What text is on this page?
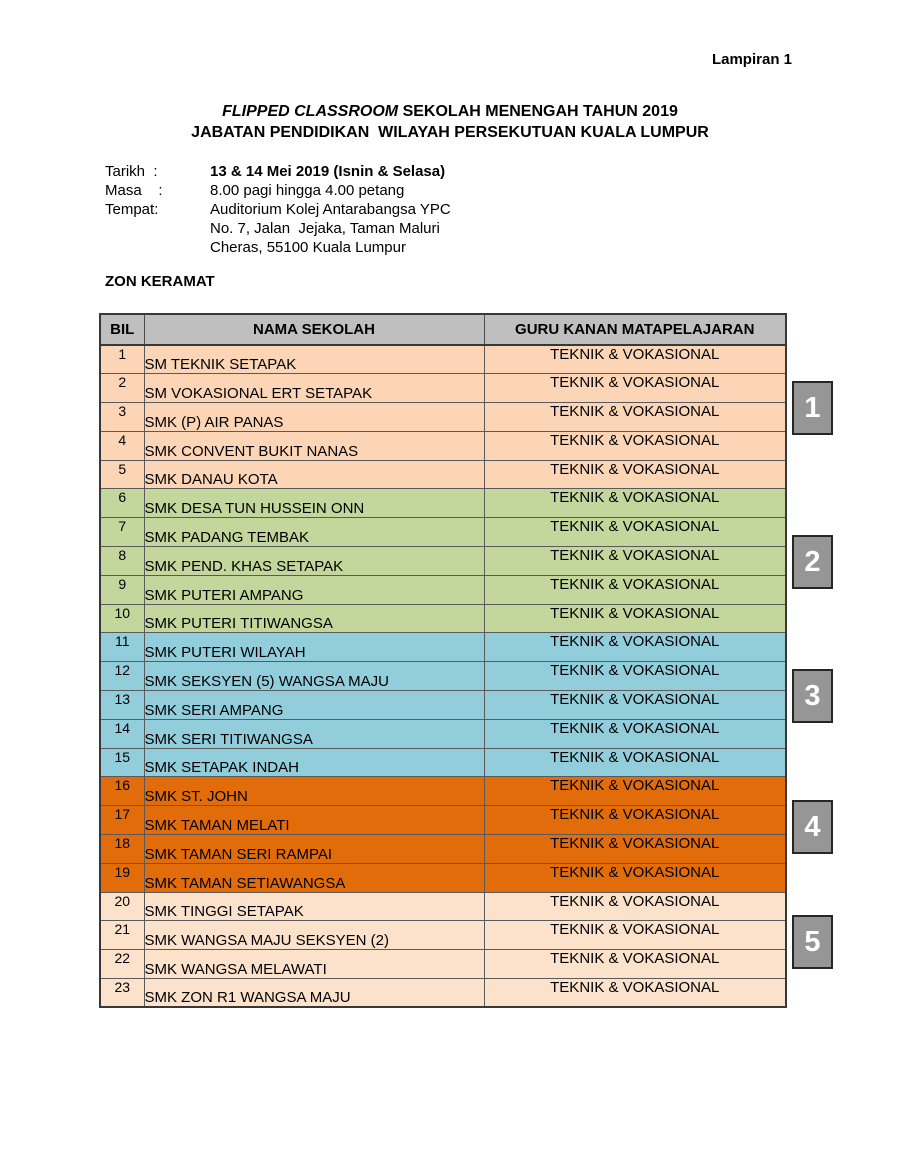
Lampiran 1
FLIPPED CLASSROOM SEKOLAH MENENGAH TAHUN 2019
JABATAN PENDIDIKAN  WILAYAH PERSEKUTUAN KUALA LUMPUR
Tarikh  :	13 & 14 Mei 2019 (Isnin & Selasa)
Masa    :	8.00 pagi hingga 4.00 petang
Tempat:	Auditorium Kolej Antarabangsa YPC
No. 7, Jalan  Jejaka, Taman Maluri
Cheras, 55100 Kuala Lumpur
ZON KERAMAT
BIL	NAMA SEKOLAH	GURU KANAN MATAPELAJARAN
1	SM TEKNIK SETAPAK	TEKNIK & VOKASIONAL
2	SM VOKASIONAL ERT SETAPAK	TEKNIK & VOKASIONAL
3	SMK (P) AIR PANAS	TEKNIK & VOKASIONAL
4	SMK CONVENT BUKIT NANAS	TEKNIK & VOKASIONAL
5	SMK DANAU KOTA	TEKNIK & VOKASIONAL
6	SMK DESA TUN HUSSEIN ONN	TEKNIK & VOKASIONAL
7	SMK PADANG TEMBAK	TEKNIK & VOKASIONAL
8	SMK PEND. KHAS SETAPAK	TEKNIK & VOKASIONAL
9	SMK PUTERI AMPANG	TEKNIK & VOKASIONAL
10	SMK PUTERI TITIWANGSA	TEKNIK & VOKASIONAL
11	SMK PUTERI WILAYAH	TEKNIK & VOKASIONAL
12	SMK SEKSYEN (5) WANGSA MAJU	TEKNIK & VOKASIONAL
13	SMK SERI AMPANG	TEKNIK & VOKASIONAL
14	SMK SERI TITIWANGSA	TEKNIK & VOKASIONAL
15	SMK SETAPAK INDAH	TEKNIK & VOKASIONAL
16	SMK ST. JOHN	TEKNIK & VOKASIONAL
17	SMK TAMAN MELATI	TEKNIK & VOKASIONAL
18	SMK TAMAN SERI RAMPAI	TEKNIK & VOKASIONAL
19	SMK TAMAN SETIAWANGSA	TEKNIK & VOKASIONAL
20	SMK TINGGI SETAPAK	TEKNIK & VOKASIONAL
21	SMK WANGSA MAJU SEKSYEN (2)	TEKNIK & VOKASIONAL
22	SMK WANGSA MELAWATI	TEKNIK & VOKASIONAL
23	SMK ZON R1 WANGSA MAJU	TEKNIK & VOKASIONAL
1
2
3
4
5
